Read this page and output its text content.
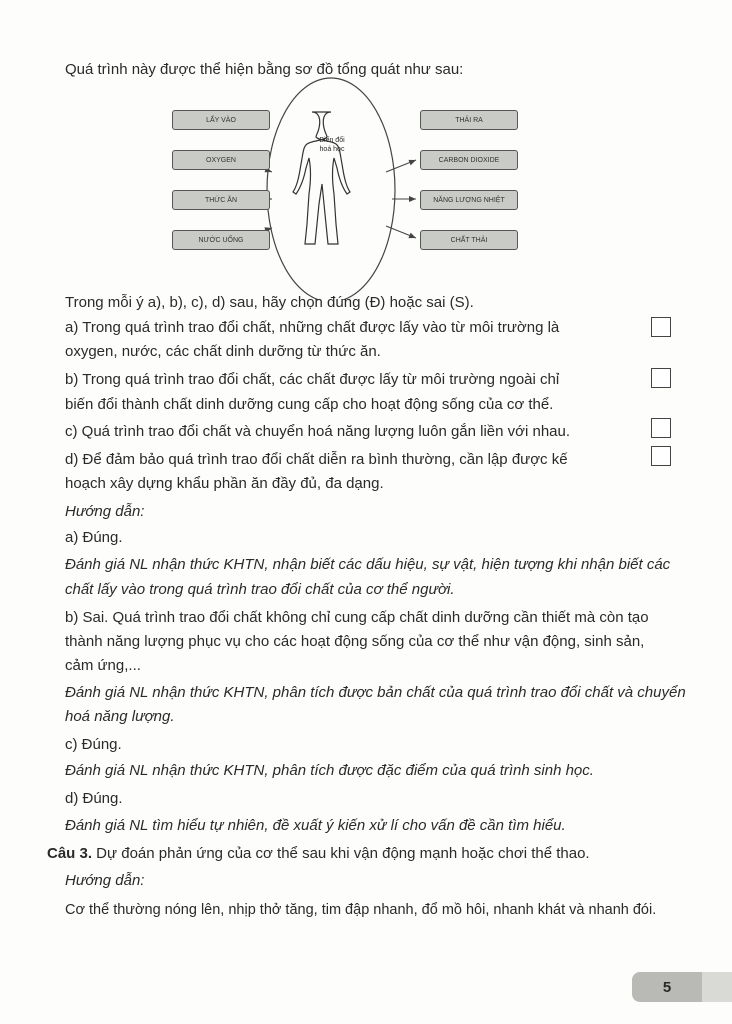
Quá trình này được thể hiện bằng sơ đồ tổng quát như sau:
LẤY VÀO	THẢI RA
OXYGEN
THỨC ĂN
NƯỚC UỐNG
CARBON DIOXIDE
NĂNG LƯỢNG NHIỆT
CHẤT THẢI
Biến đổi
hoá học
Trong mỗi ý a), b), c), d) sau, hãy chọn đúng (Đ) hoặc sai (S).
a) Trong quá trình trao đổi chất, những chất được lấy vào từ môi trường là
oxygen, nước, các chất dinh dưỡng từ thức ăn.
b) Trong quá trình trao đổi chất, các chất được lấy từ môi trường ngoài chỉ
biến đổi thành chất dinh dưỡng cung cấp cho hoạt động sống của cơ thể.
c) Quá trình trao đổi chất và chuyển hoá năng lượng luôn gắn liền với nhau.
d) Để đảm bảo quá trình trao đổi chất diễn ra bình thường, cần lập được kế
hoạch xây dựng khẩu phần ăn đầy đủ, đa dạng.
Hướng dẫn:
a) Đúng.
Đánh giá NL nhận thức KHTN, nhận biết các dấu hiệu, sự vật, hiện tượng khi nhận biết các
chất lấy vào trong quá trình trao đổi chất của cơ thể người.
b) Sai. Quá trình trao đổi chất không chỉ cung cấp chất dinh dưỡng cần thiết mà còn tạo
thành năng lượng phục vụ cho các hoạt động sống của cơ thể như vận động, sinh sản,
cảm ứng,...
Đánh giá NL nhận thức KHTN, phân tích được bản chất của quá trình trao đổi chất và chuyển
hoá năng lượng.
c) Đúng.
Đánh giá NL nhận thức KHTN, phân tích được đặc điểm của quá trình sinh học.
d) Đúng.
Đánh giá NL tìm hiểu tự nhiên, đề xuất ý kiến xử lí cho vấn đề cần tìm hiểu.
Câu 3. Dự đoán phản ứng của cơ thể sau khi vận động mạnh hoặc chơi thể thao.
Hướng dẫn:
Cơ thể thường nóng lên, nhịp thở tăng, tim đập nhanh, đổ mồ hôi, nhanh khát và nhanh đói.
5
